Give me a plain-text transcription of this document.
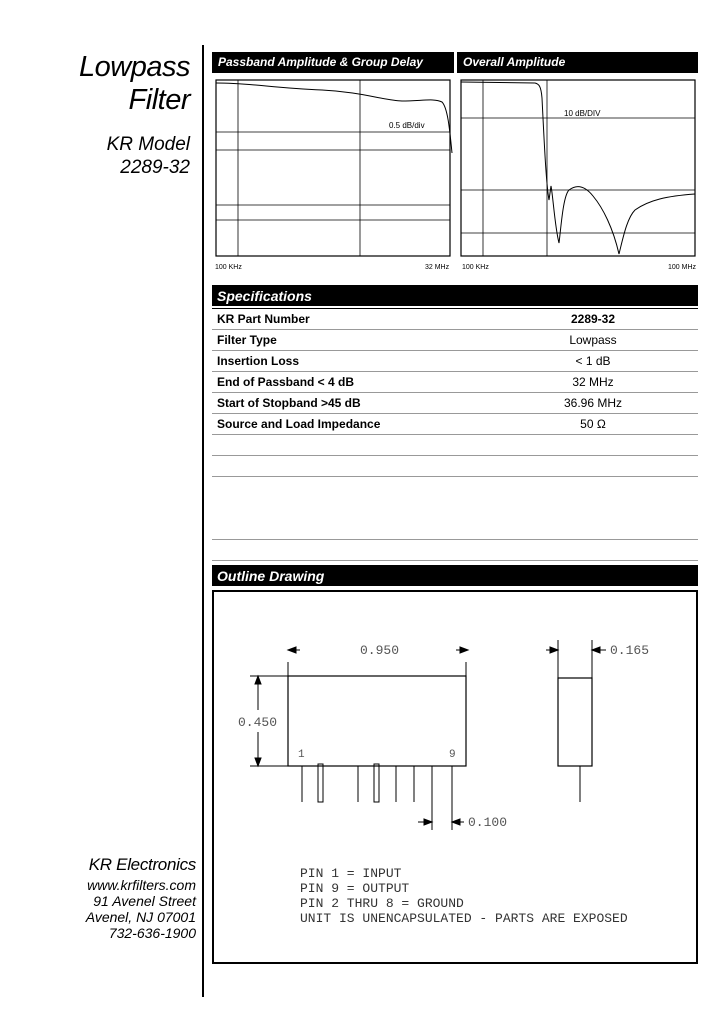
Lowpass
Filter
KR Model
2289-32
KR Electronics
www.krfilters.com
91 Avenel Street
Avenel, NJ 07001
732-636-1900
Passband Amplitude & Group Delay	Overall Amplitude
0.5 dB/div
100 KHz	32 MHz
10 dB/DIV
100 KHz	100 MHz
Specifications
KR Part Number	2289-32
Filter Type	Lowpass
Insertion Loss	< 1 dB
End of Passband < 4 dB	32 MHz
Start of Stopband >45 dB	36.96 MHz
Source and Load Impedance	50 Ω

Outline Drawing
0.950	0.165
0.450
1	9
0.100
PIN 1 = INPUT
PIN 9 = OUTPUT
PIN 2 THRU 8 = GROUND
UNIT IS UNENCAPSULATED - PARTS ARE EXPOSED
